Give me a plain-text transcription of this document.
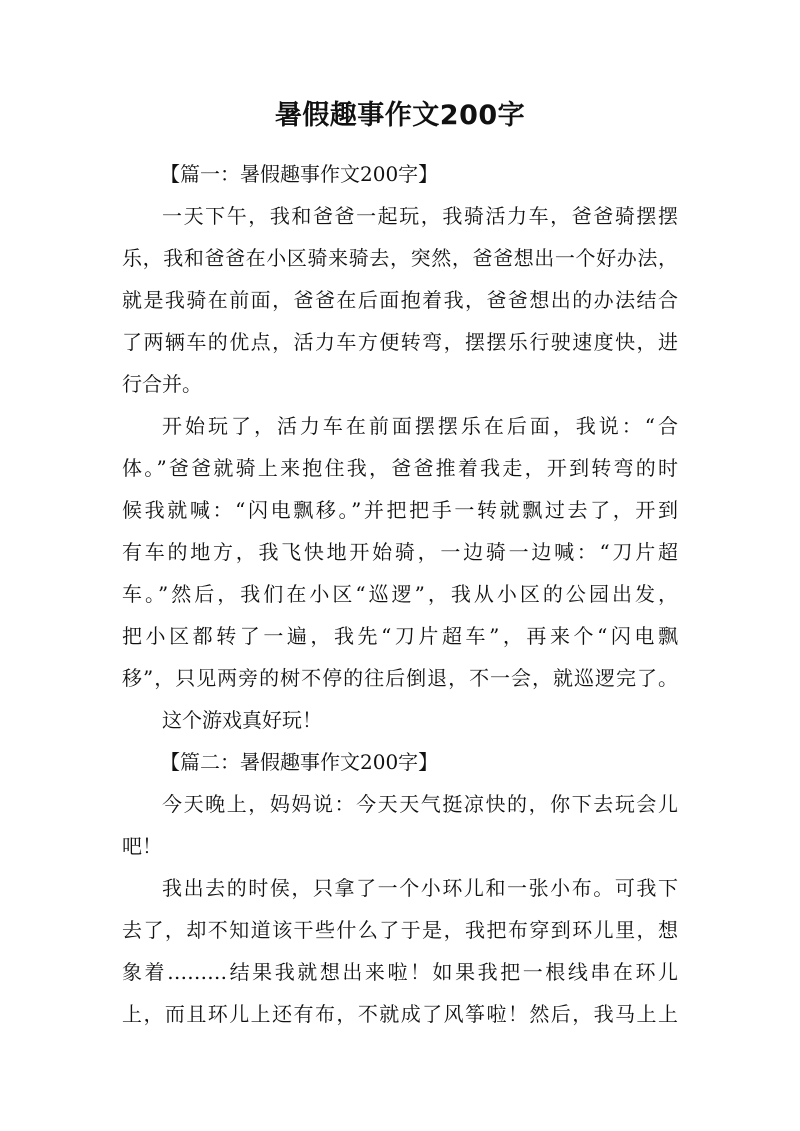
暑假趣事作文200字
【篇一：暑假趣事作文200字】
一天下午，我和爸爸一起玩，我骑活力车，爸爸骑摆摆
乐，我和爸爸在小区骑来骑去，突然，爸爸想出一个好办法，
就是我骑在前面，爸爸在后面抱着我，爸爸想出的办法结合
了两辆车的优点，活力车方便转弯，摆摆乐行驶速度快，进
行合并。
开始玩了，活力车在前面摆摆乐在后面，我说：“合
体。”爸爸就骑上来抱住我，爸爸推着我走，开到转弯的时
候我就喊：“闪电飘移。”并把把手一转就飘过去了，开到
有车的地方，我飞快地开始骑，一边骑一边喊：“刀片超
车。”然后，我们在小区“巡逻”，我从小区的公园出发，
把小区都转了一遍，我先“刀片超车”，再来个“闪电飘
移”，只见两旁的树不停的往后倒退，不一会，就巡逻完了。
这个游戏真好玩！
【篇二：暑假趣事作文200字】
今天晚上，妈妈说：今天天气挺凉快的，你下去玩会儿
吧！
我出去的时侯，只拿了一个小环儿和一张小布。可我下
去了，却不知道该干些什么了于是，我把布穿到环儿里，想
象着………结果我就想出来啦！如果我把一根线串在环儿
上，而且环儿上还有布，不就成了风筝啦！然后，我马上上
